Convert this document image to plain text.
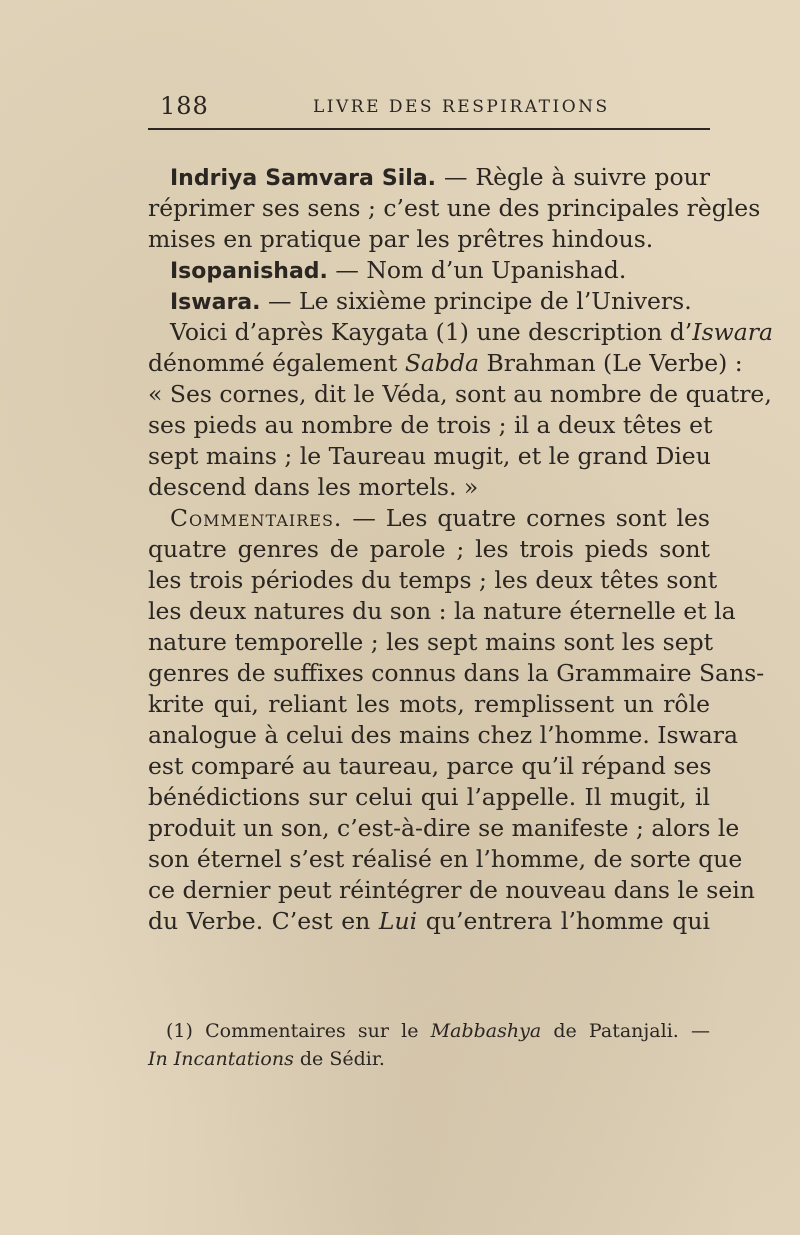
188	LIVRE DES RESPIRATIONS
Indriya Samvara Sila. — Règle à suivre pour
réprimer ses sens ; c’est une des principales règles
mises en pratique par les prêtres hindous.
Isopanishad. — Nom d’un Upanishad.
Iswara. — Le sixième principe de l’Univers.
Voici d’après Kaygata (1) une description d’Iswara
dénommé également Sabda Brahman (Le Verbe) :
« Ses cornes, dit le Véda, sont au nombre de quatre,
ses pieds au nombre de trois ; il a deux têtes et
sept mains ; le Taureau mugit, et le grand Dieu
descend dans les mortels. »
Commentaires. — Les quatre cornes sont les
quatre genres de parole ; les trois pieds sont
les trois périodes du temps ; les deux têtes sont
les deux natures du son : la nature éternelle et la
nature temporelle ; les sept mains sont les sept
genres de suffixes connus dans la Grammaire Sans-
krite qui, reliant les mots, remplissent un rôle
analogue à celui des mains chez l’homme. Iswara
est comparé au taureau, parce qu’il répand ses
bénédictions sur celui qui l’appelle. Il mugit, il
produit un son, c’est-à-dire se manifeste ; alors le
son éternel s’est réalisé en l’homme, de sorte que
ce dernier peut réintégrer de nouveau dans le sein
du Verbe. C’est en Lui qu’entrera l’homme qui
(1) Commentaires sur le Mabbashya de Patanjali. —
In Incantations de Sédir.
